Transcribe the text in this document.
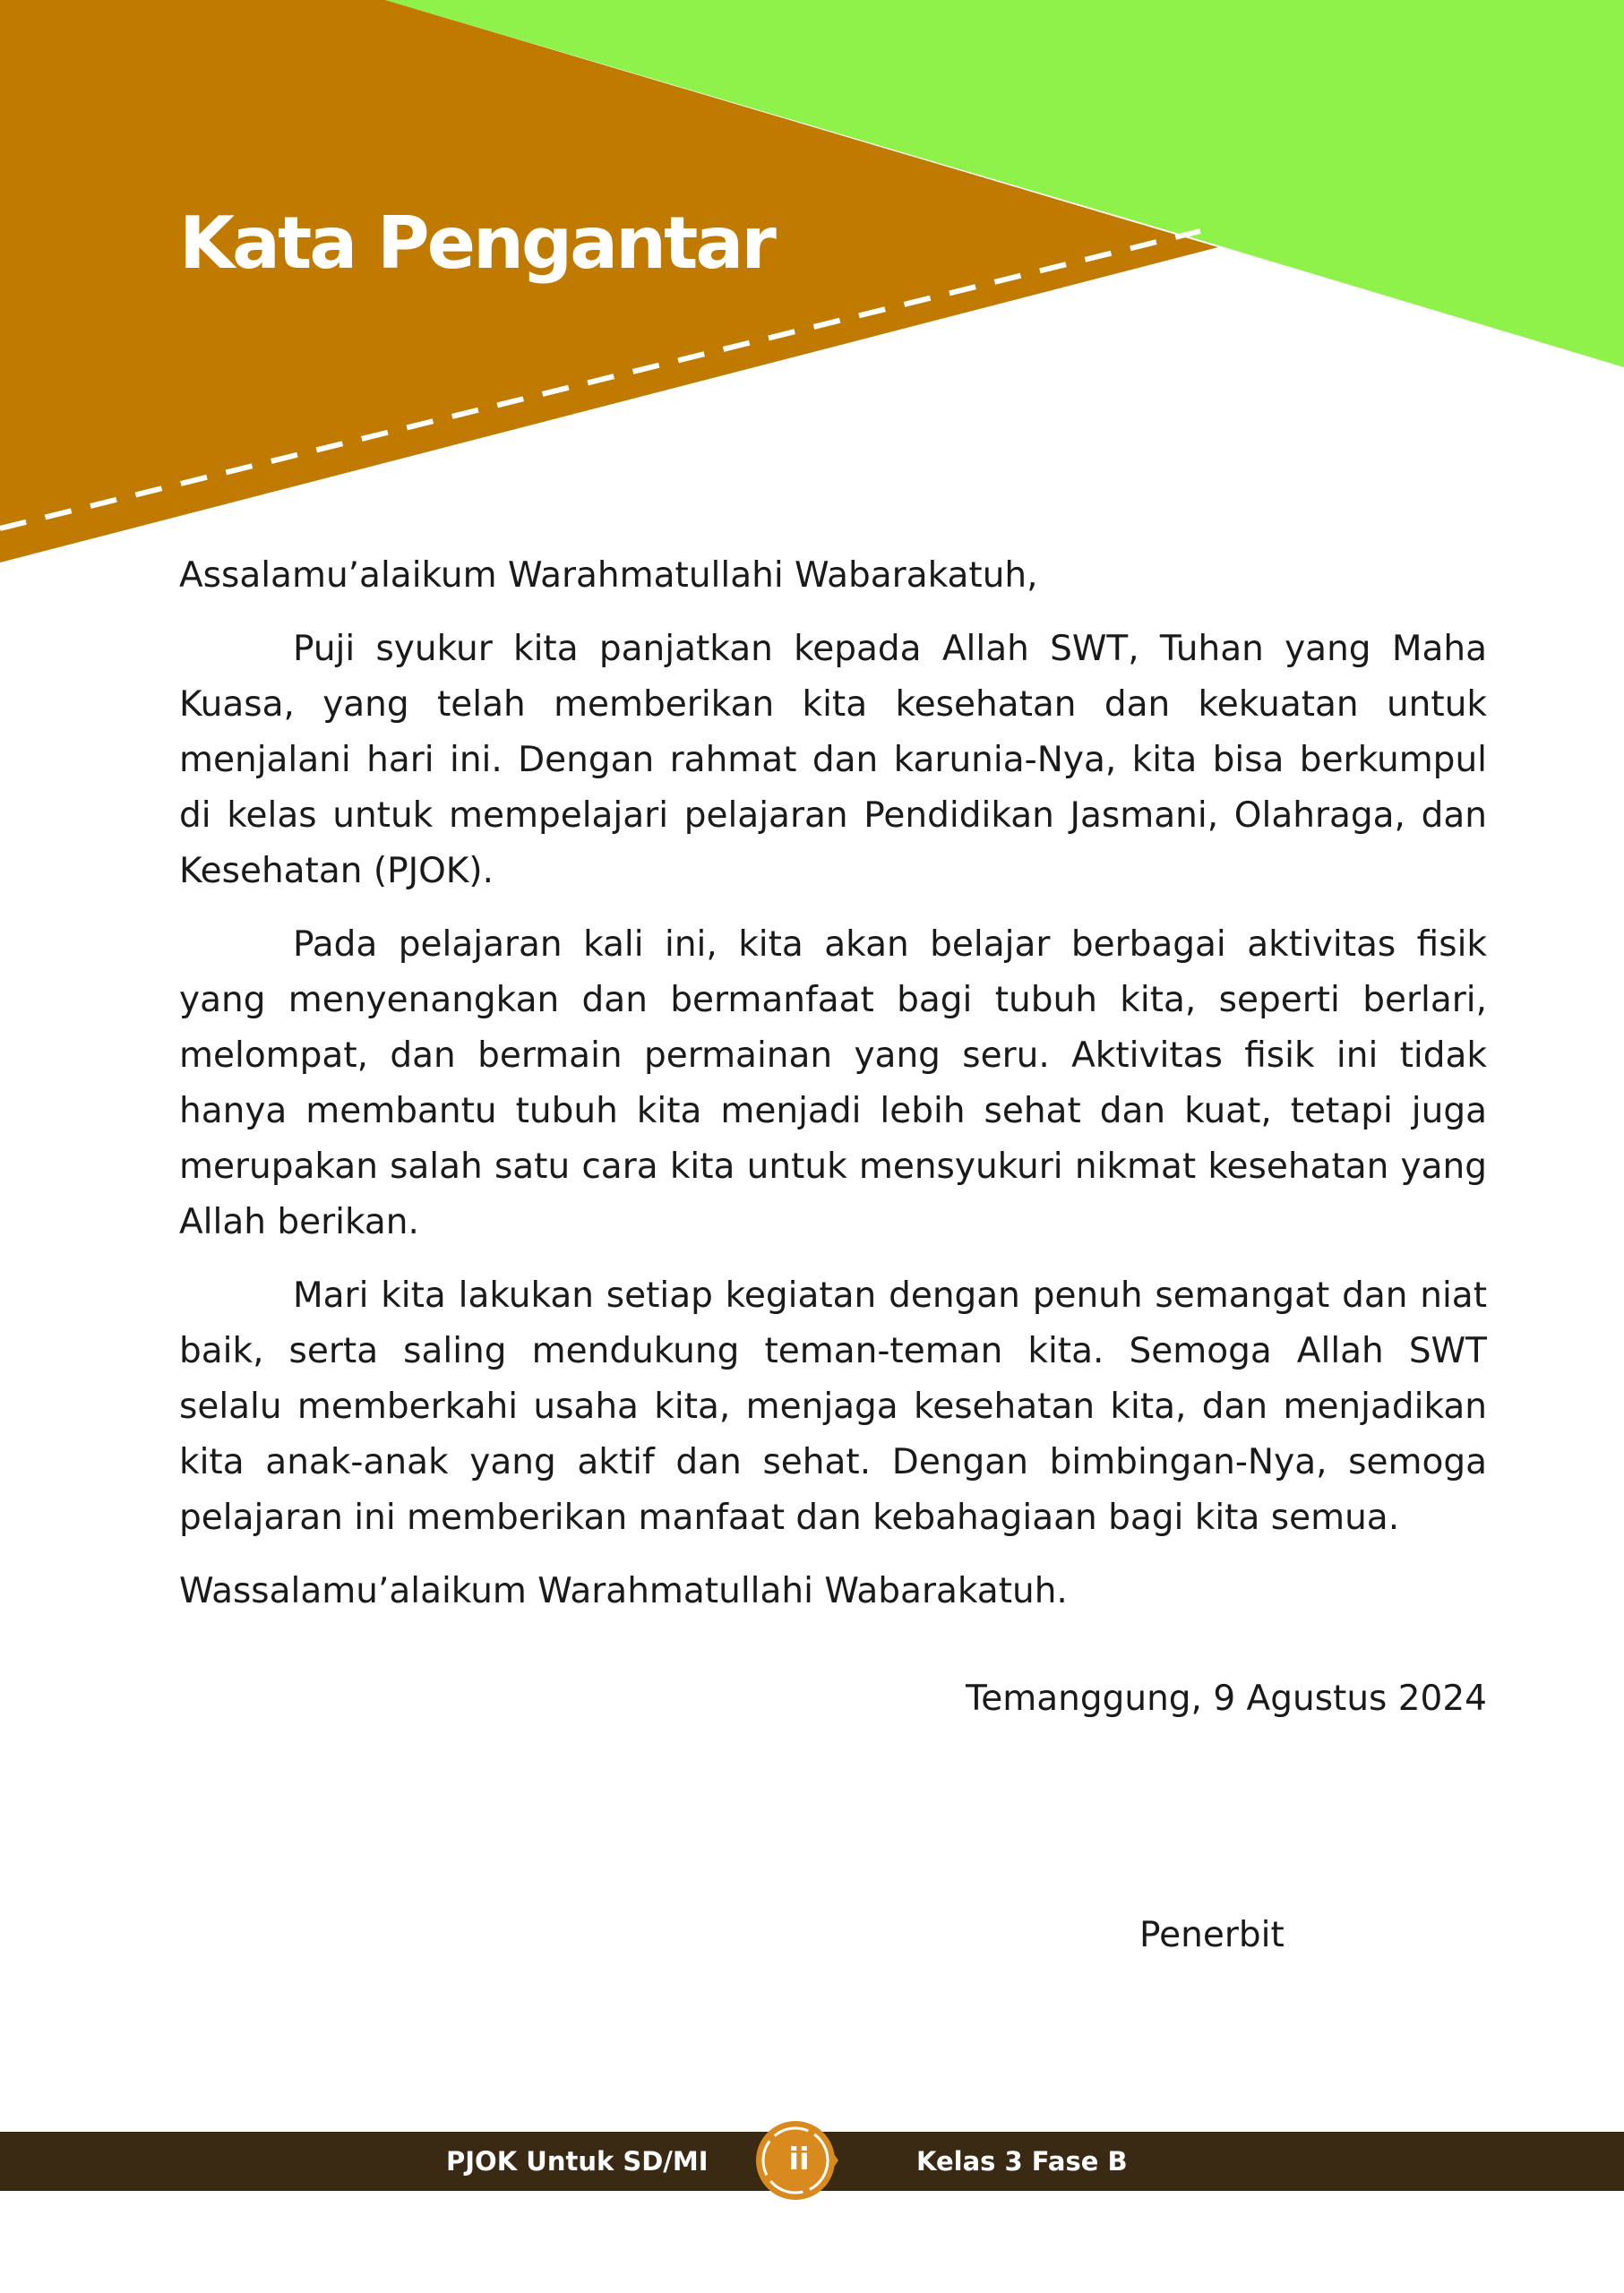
Kata Pengantar

Assalamu’alaikum Warahmatullahi Wabarakatuh,

Puji syukur kita panjatkan kepada Allah SWT, Tuhan yang Maha Kuasa, yang telah memberikan kita kesehatan dan kekuatan untuk menjalani hari ini. Dengan rahmat dan karunia-Nya, kita bisa berkumpul di kelas untuk mempelajari pelajaran Pendidikan Jasmani, Olahraga, dan Kesehatan (PJOK).

Pada pelajaran kali ini, kita akan belajar berbagai aktivitas fisik yang menyenangkan dan bermanfaat bagi tubuh kita, seperti berlari, melompat, dan bermain permainan yang seru. Aktivitas fisik ini tidak hanya membantu tubuh kita menjadi lebih sehat dan kuat, tetapi juga merupakan salah satu cara kita untuk mensyukuri nikmat kesehatan yang Allah berikan.

Mari kita lakukan setiap kegiatan dengan penuh semangat dan niat baik, serta saling mendukung teman-teman kita. Semoga Allah SWT selalu memberkahi usaha kita, menjaga kesehatan kita, dan menjadikan kita anak-anak yang aktif dan sehat. Dengan bimbingan-Nya, semoga pelajaran ini memberikan manfaat dan kebahagiaan bagi kita semua.

Wassalamu’alaikum Warahmatullahi Wabarakatuh.

Temanggung, 9 Agustus 2024

Penerbit
PJOK Untuk SD/MI	ii	Kelas 3 Fase B
